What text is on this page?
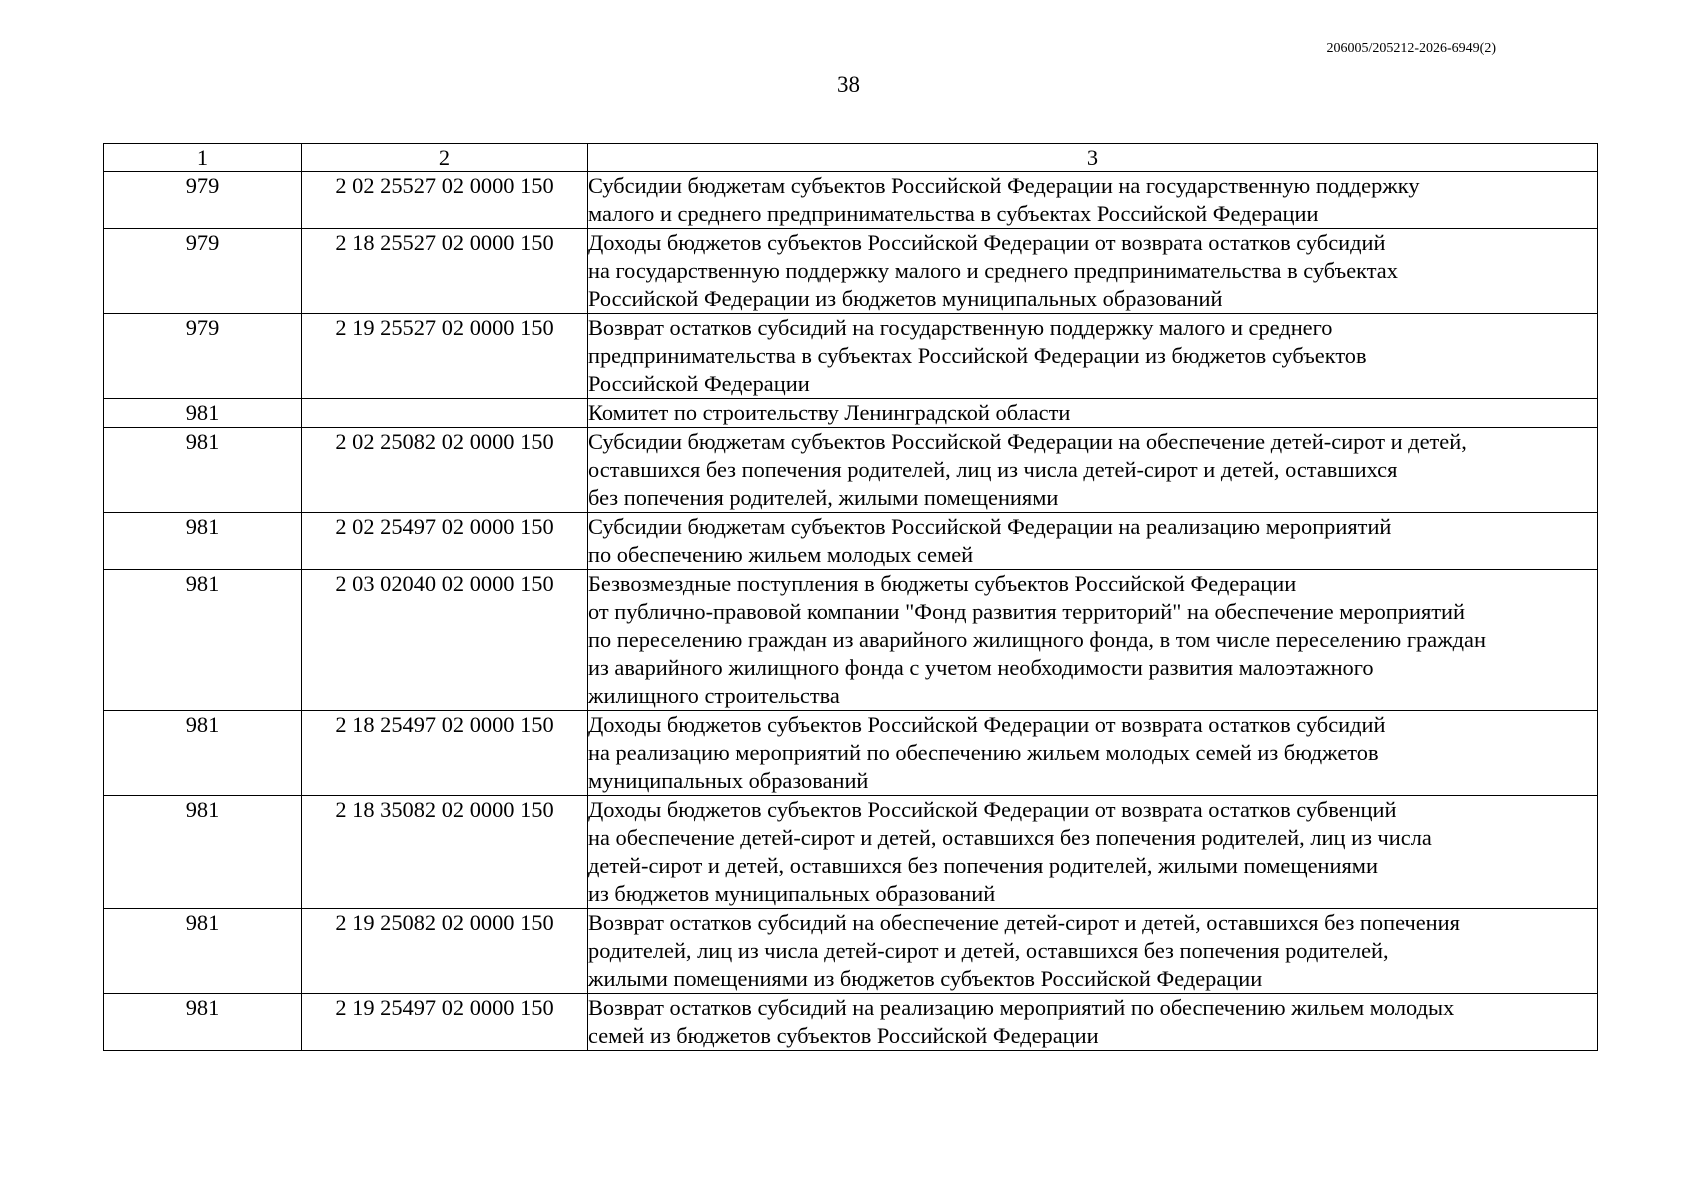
206005/205212-2026-6949(2)
38
1	2	3
979	2 02 25527 02 0000 150	Субсидии бюджетам субъектов Российской Федерации на государственную поддержку
малого и среднего предпринимательства в субъектах Российской Федерации

979	2 18 25527 02 0000 150	Доходы бюджетов субъектов Российской Федерации от возврата остатков субсидий
на государственную поддержку малого и среднего предпринимательства в субъектах
Российской Федерации из бюджетов муниципальных образований

979	2 19 25527 02 0000 150	Возврат остатков субсидий на государственную поддержку малого и среднего
предпринимательства в субъектах Российской Федерации из бюджетов субъектов
Российской Федерации

981		Комитет по строительству Ленинградской области

981	2 02 25082 02 0000 150	Субсидии бюджетам субъектов Российской Федерации на обеспечение детей-сирот и детей,
оставшихся без попечения родителей, лиц из числа детей-сирот и детей, оставшихся
без попечения родителей, жилыми помещениями

981	2 02 25497 02 0000 150	Субсидии бюджетам субъектов Российской Федерации на реализацию мероприятий
по обеспечению жильем молодых семей

981	2 03 02040 02 0000 150	Безвозмездные поступления в бюджеты субъектов Российской Федерации
от публично-правовой компании "Фонд развития территорий" на обеспечение мероприятий
по переселению граждан из аварийного жилищного фонда, в том числе переселению граждан
из аварийного жилищного фонда с учетом необходимости развития малоэтажного
жилищного строительства

981	2 18 25497 02 0000 150	Доходы бюджетов субъектов Российской Федерации от возврата остатков субсидий
на реализацию мероприятий по обеспечению жильем молодых семей из бюджетов
муниципальных образований

981	2 18 35082 02 0000 150	Доходы бюджетов субъектов Российской Федерации от возврата остатков субвенций
на обеспечение детей-сирот и детей, оставшихся без попечения родителей, лиц из числа
детей-сирот и детей, оставшихся без попечения родителей, жилыми помещениями
из бюджетов муниципальных образований

981	2 19 25082 02 0000 150	Возврат остатков субсидий на обеспечение детей-сирот и детей, оставшихся без попечения
родителей, лиц из числа детей-сирот и детей, оставшихся без попечения родителей,
жилыми помещениями из бюджетов субъектов Российской Федерации

981	2 19 25497 02 0000 150	Возврат остатков субсидий на реализацию мероприятий по обеспечению жильем молодых
семей из бюджетов субъектов Российской Федерации
